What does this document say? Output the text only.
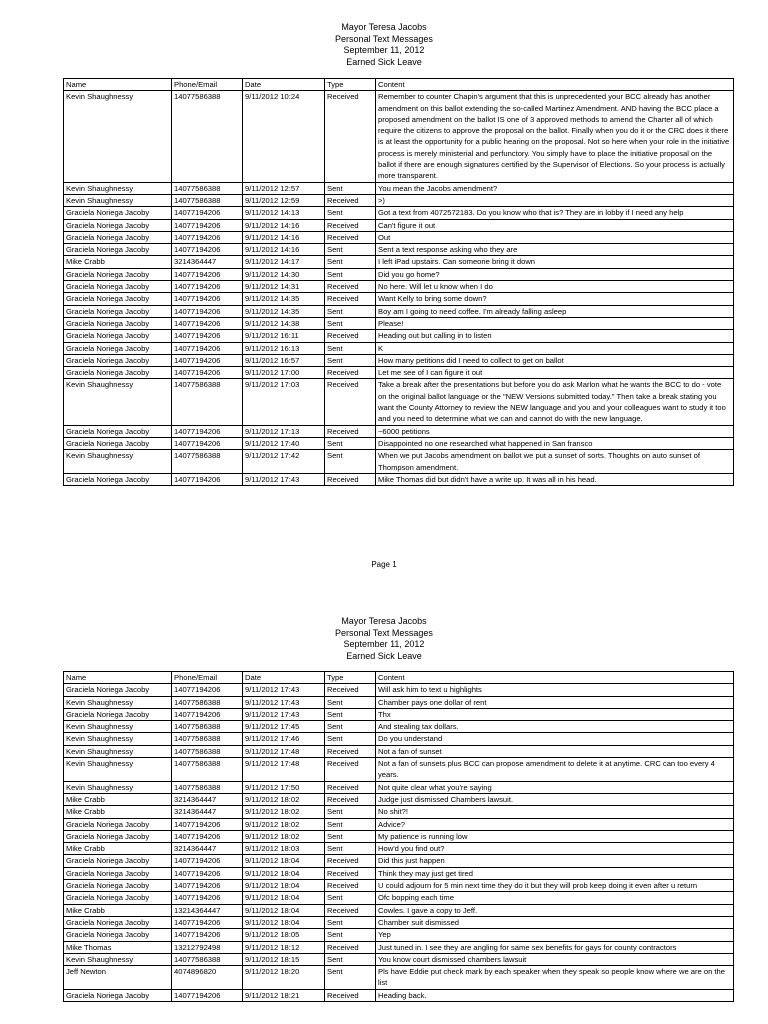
Mayor Teresa Jacobs
Personal Text Messages
September 11, 2012
Earned Sick Leave
Name	Phone/Email	Date	Type	Content
Kevin Shaughnessy	14077586388	9/11/2012 10:24	Received	Remember to counter Chapin's argument that this is unprecedented your BCC already has another amendment on this ballot extending the so-called Martinez Amendment. AND having the BCC place a proposed amendment on the ballot IS one of 3 approved methods to amend the Charter all of which require the citizens to approve the proposal on the ballot. Finally when you do it or the CRC does it there is at least the opportunity for a public hearing on the proposal. Not so here when your role in the initiative process is merely ministerial and perfunctory. You simply have to place the initiative proposal on the ballot if there are enough signatures certified by the Supervisor of Elections. So your process is actually more transparent.
Kevin Shaughnessy	14077586388	9/11/2012 12:57	Sent	You mean the Jacobs amendment?
Kevin Shaughnessy	14077586388	9/11/2012 12:59	Received	>)
Graciela Noriega Jacoby	14077194206	9/11/2012 14:13	Sent	Got a text from 4072572183. Do you know who that is? They are in lobby if I need any help
Graciela Noriega Jacoby	14077194206	9/11/2012 14:16	Received	Can't figure it out
Graciela Noriega Jacoby	14077194206	9/11/2012 14:16	Received	Out
Graciela Noriega Jacoby	14077194206	9/11/2012 14:16	Sent	Sent a text response asking who they are
Mike Crabb	3214364447	9/11/2012 14:17	Sent	I left iPad upstairs. Can someone bring it down
Graciela Noriega Jacoby	14077194206	9/11/2012 14:30	Sent	Did you go home?
Graciela Noriega Jacoby	14077194206	9/11/2012 14:31	Received	No here. Will let u know when I do
Graciela Noriega Jacoby	14077194206	9/11/2012 14:35	Received	Want Kelly to bring some down?
Graciela Noriega Jacoby	14077194206	9/11/2012 14:35	Sent	Boy am I going to need coffee. I'm already falling asleep
Graciela Noriega Jacoby	14077194206	9/11/2012 14:38	Sent	Please!
Graciela Noriega Jacoby	14077194206	9/11/2012 16:11	Received	Heading out but calling in to listen
Graciela Noriega Jacoby	14077194206	9/11/2012 16:13	Sent	K
Graciela Noriega Jacoby	14077194206	9/11/2012 16:57	Sent	How many petitions did I need to collect to get on ballot
Graciela Noriega Jacoby	14077194206	9/11/2012 17:00	Received	Let me see of I can figure it out
Kevin Shaughnessy	14077586388	9/11/2012 17:03	Received	Take a break after the presentations but before you do ask Marlon what he wants the BCC to do - vote on the original ballot language or the "NEW Versions submitted today." Then take a break stating you want the County Attorney to review the NEW language and you and your colleagues want to study it too and you need to determine what we can and cannot do with the new language.
Graciela Noriega Jacoby	14077194206	9/11/2012 17:13	Received	~6000 petitions
Graciela Noriega Jacoby	14077194206	9/11/2012 17:40	Sent	Disappointed no one researched what happened in San fransco
Kevin Shaughnessy	14077586388	9/11/2012 17:42	Sent	When we put Jacobs amendment on ballot we put a sunset of sorts. Thoughts on auto sunset of Thompson amendment.
Graciela Noriega Jacoby	14077194206	9/11/2012 17:43	Received	Mike Thomas did but didn't have a write up. It was all in his head.
Page 1
Mayor Teresa Jacobs
Personal Text Messages
September 11, 2012
Earned Sick Leave
Name	Phone/Email	Date	Type	Content
Graciela Noriega Jacoby	14077194206	9/11/2012 17:43	Received	Will ask him to text u highlights
Kevin Shaughnessy	14077586388	9/11/2012 17:43	Sent	Chamber pays one dollar of rent
Graciela Noriega Jacoby	14077194206	9/11/2012 17:43	Sent	Thx
Kevin Shaughnessy	14077586388	9/11/2012 17:45	Sent	And stealing tax dollars.
Kevin Shaughnessy	14077586388	9/11/2012 17:46	Sent	Do you understand
Kevin Shaughnessy	14077586388	9/11/2012 17:48	Received	Not a fan of sunset
Kevin Shaughnessy	14077586388	9/11/2012 17:48	Received	Not a fan of sunsets plus BCC can propose amendment to delete it at anytime. CRC can too every 4 years.
Kevin Shaughnessy	14077586388	9/11/2012 17:50	Received	Not quite clear what you're saying
Mike Crabb	3214364447	9/11/2012 18:02	Received	Judge just dismissed Chambers lawsuit.
Mike Crabb	3214364447	9/11/2012 18:02	Sent	No shit?!
Graciela Noriega Jacoby	14077194206	9/11/2012 18:02	Sent	Advice?
Graciela Noriega Jacoby	14077194206	9/11/2012 18:02	Sent	My patience is running low
Mike Crabb	3214364447	9/11/2012 18:03	Sent	How'd you find out?
Graciela Noriega Jacoby	14077194206	9/11/2012 18:04	Received	Did this just happen
Graciela Noriega Jacoby	14077194206	9/11/2012 18:04	Received	Think they may just get tired
Graciela Noriega Jacoby	14077194206	9/11/2012 18:04	Received	U could adjourn for 5 min next time they do it but they will prob keep doing it even after u return
Graciela Noriega Jacoby	14077194206	9/11/2012 18:04	Sent	Ofc bopping each time
Mike Crabb	13214364447	9/11/2012 18:04	Received	Cowles. I gave a copy to Jeff.
Graciela Noriega Jacoby	14077194206	9/11/2012 18:04	Sent	Chamber suit dismissed
Graciela Noriega Jacoby	14077194206	9/11/2012 18:05	Sent	Yep
Mike Thomas	13212792498	9/11/2012 18:12	Received	Just tuned in. I see they are angling for same sex benefits for gays for county contractors
Kevin Shaughnessy	14077586388	9/11/2012 18:15	Sent	You know court dismissed chambers lawsuit
Jeff Newton	4074896820	9/11/2012 18:20	Sent	Pls have Eddie put check mark by each speaker when they speak so people know where we are on the list
Graciela Noriega Jacoby	14077194206	9/11/2012 18:21	Received	Heading back.
